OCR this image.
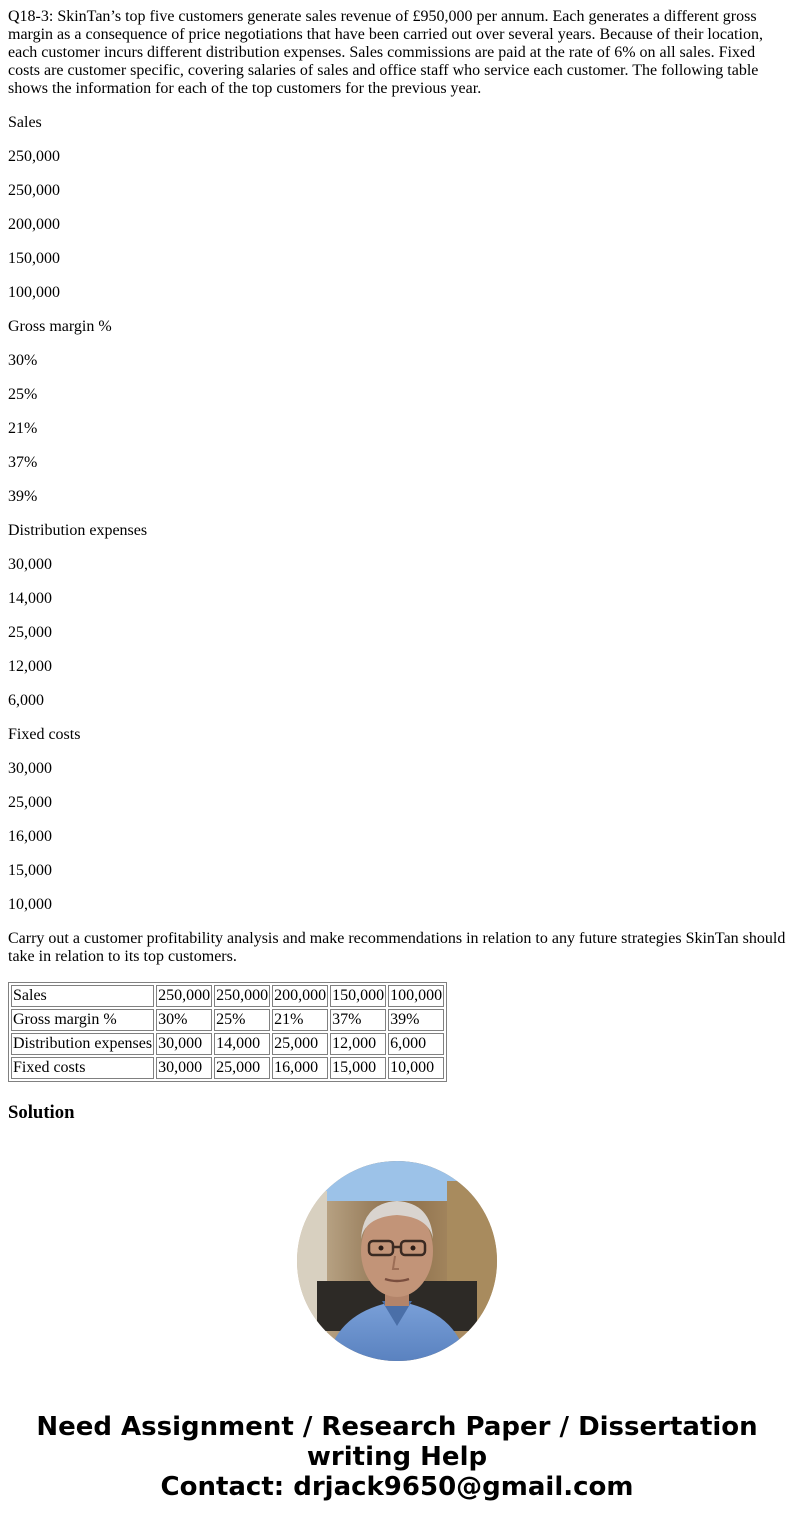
Q18-3: SkinTan’s top five customers generate sales revenue of £950,000 per annum. Each generates a different gross margin as a consequence of price negotiations that have been carried out over several years. Because of their location, each customer incurs different distribution expenses. Sales commissions are paid at the rate of 6% on all sales. Fixed costs are customer specific, covering salaries of sales and office staff who service each customer. The following table shows the information for each of the top customers for the previous year.

Sales

250,000

250,000

200,000

150,000

100,000

Gross margin %

30%

25%

21%

37%

39%

Distribution expenses

30,000

14,000

25,000

12,000

6,000

Fixed costs

30,000

25,000

16,000

15,000

10,000

Carry out a customer profitability analysis and make recommendations in relation to any future strategies SkinTan should take in relation to its top customers.

Sales	250,000	250,000	200,000	150,000	100,000
Gross margin %	30%	25%	21%	37%	39%
Distribution expenses	30,000	14,000	25,000	12,000	6,000
Fixed costs	30,000	25,000	16,000	15,000	10,000
Solution
Need Assignment / Research Paper / Dissertation
writing Help
Contact: drjack9650@gmail.com
